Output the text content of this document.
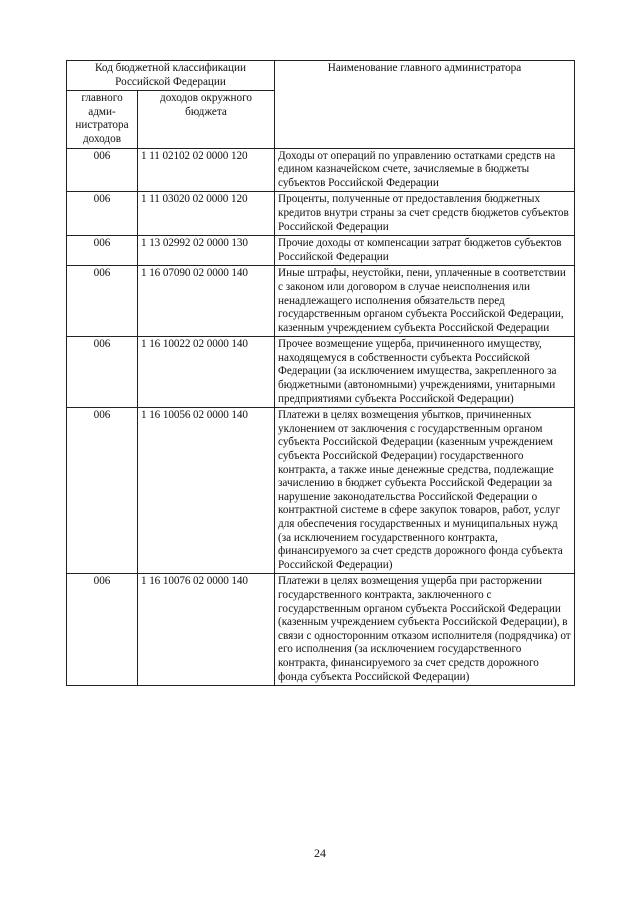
Код бюджетной классификации Российской Федерации		Наименование главного администратора
главного адми-нистратора доходов	доходов окружного бюджета	
006	1 11 02102 02 0000 120	Доходы от операций по управлению остатками средств на едином казначейском счете, зачисляемые в бюджеты субъектов Российской Федерации
006	1 11 03020 02 0000 120	Проценты, полученные от предоставления бюджетных кредитов внутри страны за счет средств бюджетов субъектов Российской Федерации
006	1 13 02992 02 0000 130	Прочие доходы от компенсации затрат бюджетов субъектов Российской Федерации
006	1 16 07090 02 0000 140	Иные штрафы, неустойки, пени, уплаченные в соответствии с законом или договором в случае неисполнения или ненадлежащего исполнения обязательств перед государственным органом субъекта Российской Федерации, казенным учреждением субъекта Российской Федерации
006	1 16 10022 02 0000 140	Прочее возмещение ущерба, причиненного имуществу, находящемуся в собственности субъекта Российской Федерации (за исключением имущества, закрепленного за бюджетными (автономными) учреждениями, унитарными предприятиями субъекта Российской Федерации)
006	1 16 10056 02 0000 140	Платежи в целях возмещения убытков, причиненных уклонением от заключения с государственным органом субъекта Российской Федерации (казенным учреждением субъекта Российской Федерации) государственного контракта, а также иные денежные средства, подлежащие зачислению в бюджет субъекта Российской Федерации за нарушение законодательства Российской Федерации о контрактной системе в сфере закупок товаров, работ, услуг для обеспечения государственных и муниципальных нужд (за исключением государственного контракта, финансируемого за счет средств дорожного фонда субъекта Российской Федерации)
006	1 16 10076 02 0000 140	Платежи в целях возмещения ущерба при расторжении государственного контракта, заключенного с государственным органом субъекта Российской Федерации (казенным учреждением субъекта Российской Федерации), в связи с односторонним отказом исполнителя (подрядчика) от его исполнения (за исключением государственного контракта, финансируемого за счет средств дорожного фонда субъекта Российской Федерации)
24
